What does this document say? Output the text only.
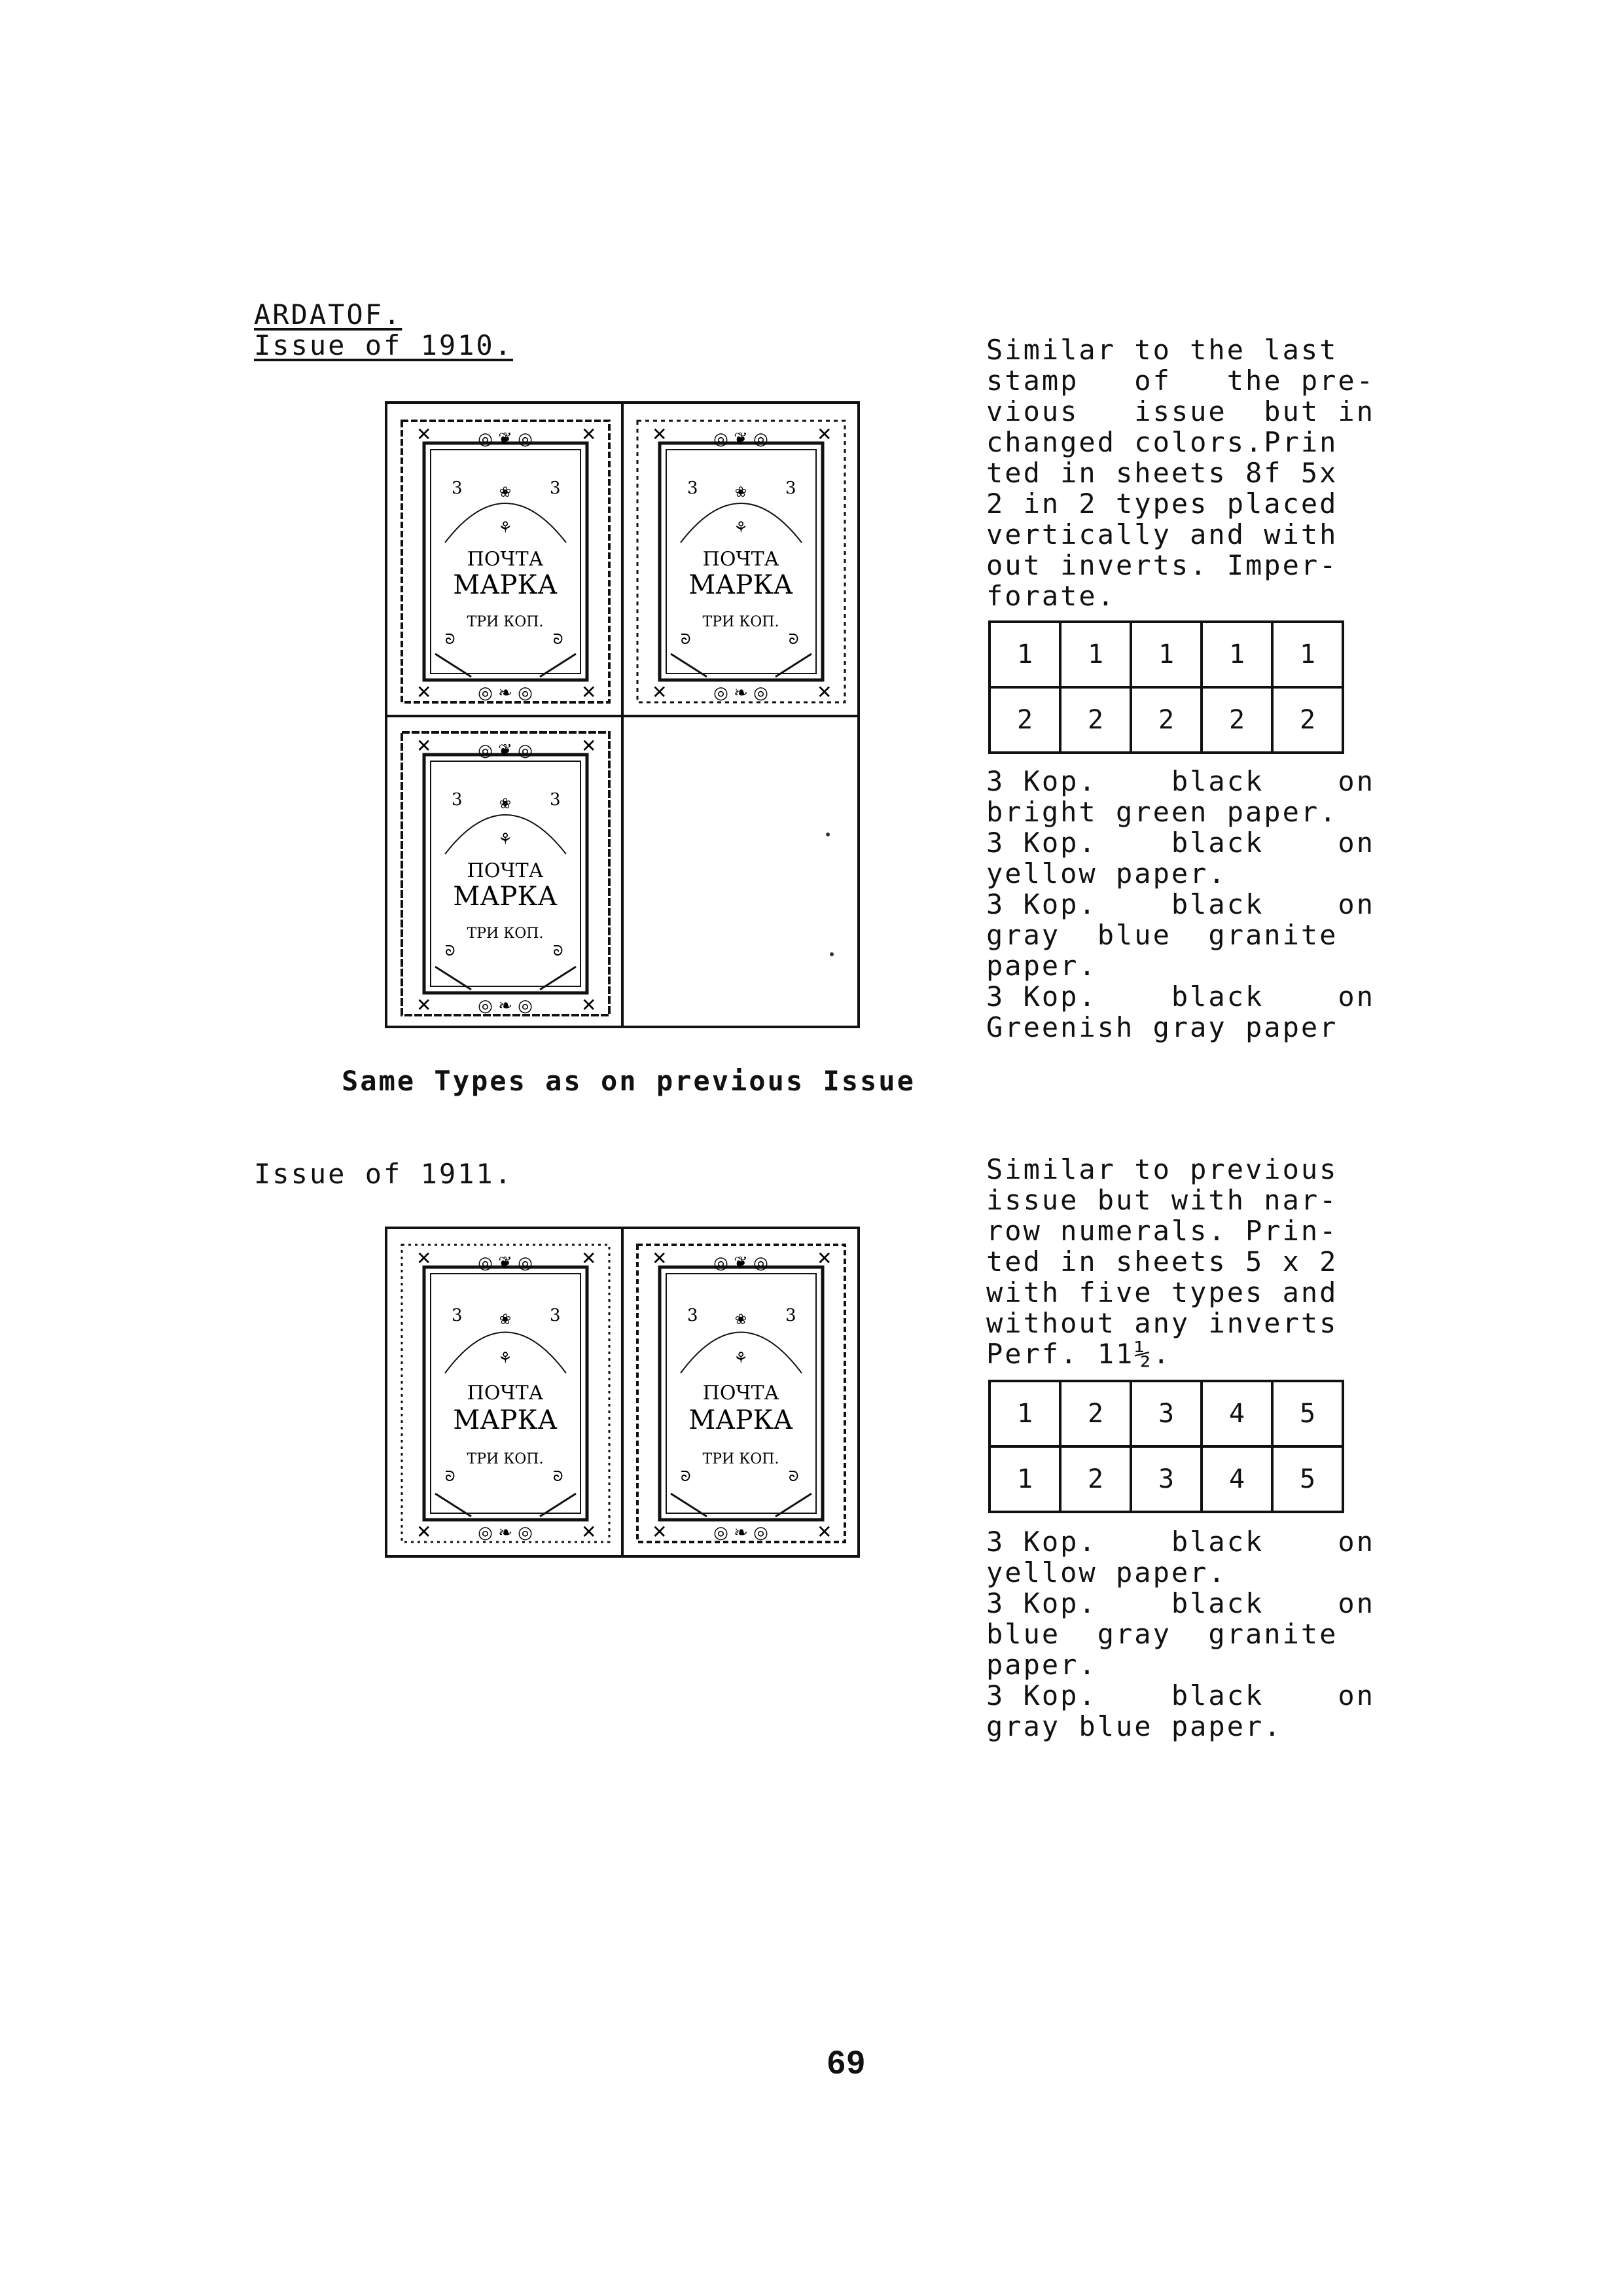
ARDATOF.
Issue of 1910.
✕	✕
✕	✕
◎ ❦ ◎
◎ ❧ ◎
3	3
❀
⚘
ПОЧТА
МАРКА
ТРИ КОП.
ᘐ	ᘐ
✕	✕
✕	✕
◎ ❦ ◎
◎ ❧ ◎
3	3
❀
⚘
ПОЧТА
МАРКА
ТРИ КОП.
ᘐ	ᘐ
✕	✕
✕	✕
◎ ❦ ◎
◎ ❧ ◎
3	3
❀
⚘
ПОЧТА
МАРКА
ТРИ КОП.
ᘐ	ᘐ
Similar to the last
stamp   of   the pre-
vious   issue  but in
changed colors.Prin
ted in sheets 8f 5x
2 in 2 types placed
vertically and with
out inverts. Imper-
forate.
1	1	1	1	1
2	2	2	2	2
3 Kop.    black    on
bright green paper.
3 Kop.    black    on
yellow paper.
3 Kop.    black    on
gray  blue  granite
paper.
3 Kop.    black    on
Greenish gray paper
Same Types as on previous Issue
Issue of 1911.
✕	✕
✕	✕
◎ ❦ ◎
◎ ❧ ◎
3	3
❀
⚘
ПОЧТА
МАРКА
ТРИ КОП.
ᘐ	ᘐ
✕	✕
✕	✕
◎ ❦ ◎
◎ ❧ ◎
3	3
❀
⚘
ПОЧТА
МАРКА
ТРИ КОП.
ᘐ	ᘐ
Similar to previous
issue but with nar-
row numerals. Prin-
ted in sheets 5 x 2
with five types and
without any inverts
Perf. 11½.
1	2	3	4	5
1	2	3	4	5
3 Kop.    black    on
yellow paper.
3 Kop.    black    on
blue  gray  granite
paper.
3 Kop.    black    on
gray blue paper.
69
